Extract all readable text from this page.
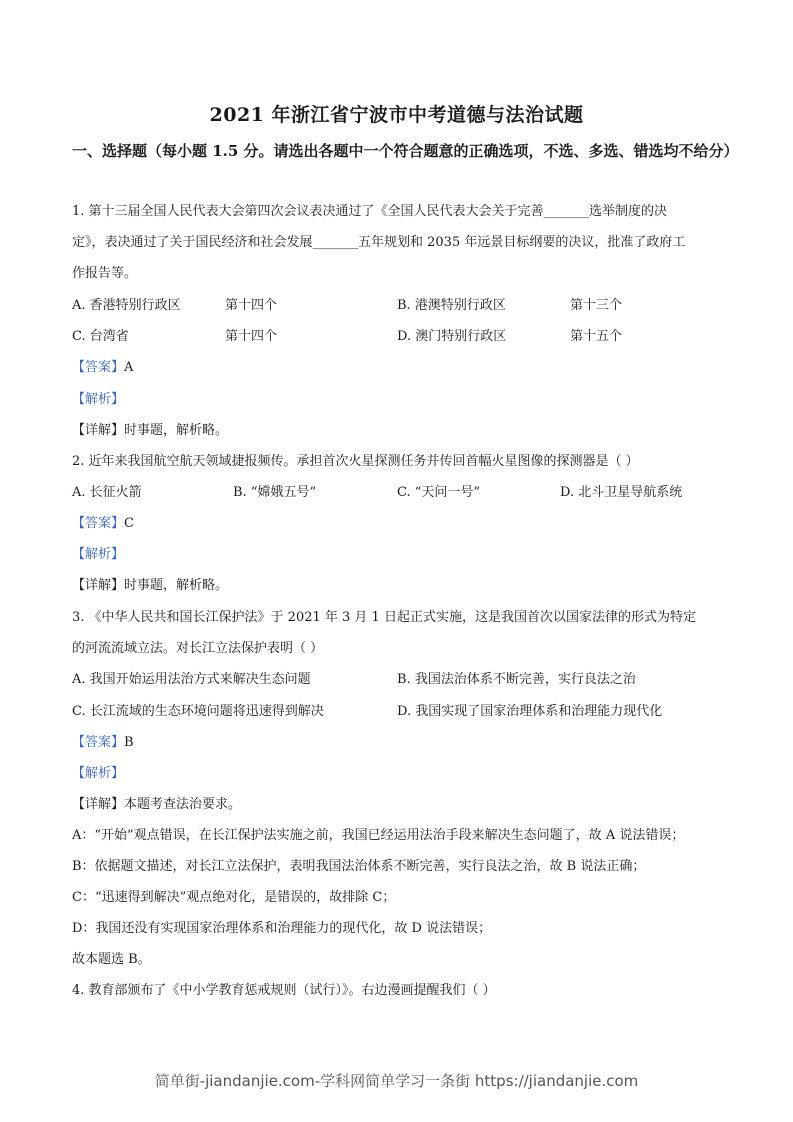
2021 年浙江省宁波市中考道德与法治试题
一、选择题（每小题 1.5 分。请选出各题中一个符合题意的正确选项，不选、多选、错选均不给分）
1. 第十三届全国人民代表大会第四次会议表决通过了《全国人民代表大会关于完善_______选举制度的决
定》，表决通过了关于国民经济和社会发展_______五年规划和 2035 年远景目标纲要的决议，批准了政府工
作报告等。
A. 香港特别行政区	第十四个	B. 港澳特别行政区	第十三个
C. 台湾省	第十四个	D. 澳门特别行政区	第十五个
【答案】A
【解析】
【详解】时事题，解析略。
2. 近年来我国航空航天领域捷报频传。承担首次火星探测任务并传回首幅火星图像的探测器是（ ）
A. 长征火箭	B. “嫦娥五号”	C. “天问一号”	D. 北斗卫星导航系统
【答案】C
【解析】
【详解】时事题，解析略。
3. 《中华人民共和国长江保护法》于 2021 年 3 月 1 日起正式实施，这是我国首次以国家法律的形式为特定
的河流流域立法。对长江立法保护表明（ ）
A. 我国开始运用法治方式来解决生态问题	B. 我国法治体系不断完善，实行良法之治
C. 长江流域的生态环境问题将迅速得到解决	D. 我国实现了国家治理体系和治理能力现代化
【答案】B
【解析】
【详解】本题考查法治要求。
A：“开始”观点错误，在长江保护法实施之前，我国已经运用法治手段来解决生态问题了，故 A 说法错误；
B：依据题文描述，对长江立法保护，表明我国法治体系不断完善，实行良法之治，故 B 说法正确；
C：“迅速得到解决”观点绝对化，是错误的，故排除 C；
D：我国还没有实现国家治理体系和治理能力的现代化，故 D 说法错误；
故本题选 B。
4. 教育部颁布了《中小学教育惩戒规则（试行）》。右边漫画提醒我们（ ）
简单街-jiandanjie.com-学科网简单学习一条街 https://jiandanjie.com
